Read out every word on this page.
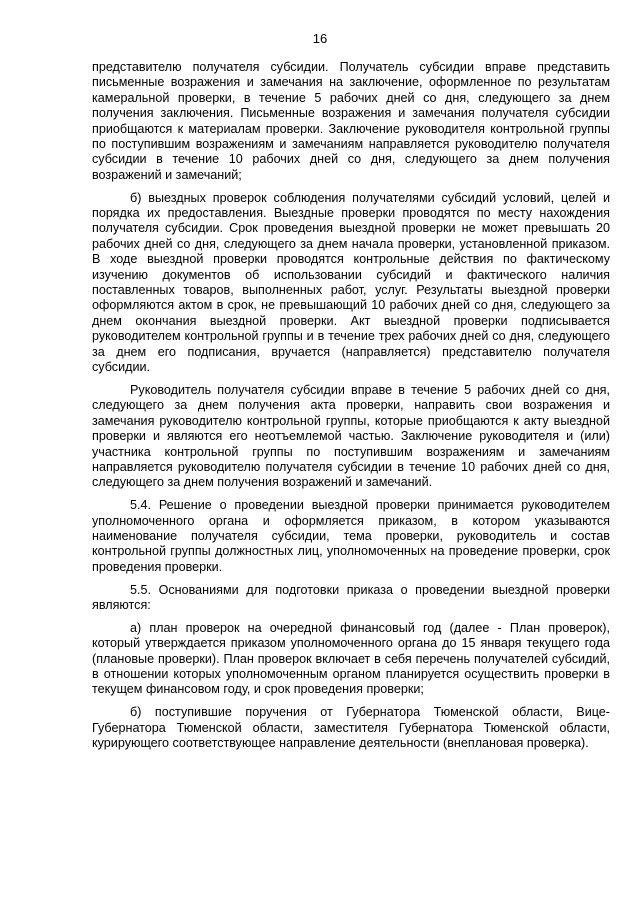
16

представителю получателя субсидии. Получатель субсидии вправе представить письменные возражения и замечания на заключение, оформленное по результатам камеральной проверки, в течение 5 рабочих дней со дня, следующего за днем получения заключения. Письменные возражения и замечания получателя субсидии приобщаются к материалам проверки. Заключение руководителя контрольной группы по поступившим возражениям и замечаниям направляется руководителю получателя субсидии в течение 10 рабочих дней со дня, следующего за днем получения возражений и замечаний;

б) выездных проверок соблюдения получателями субсидий условий, целей и порядка их предоставления. Выездные проверки проводятся по месту нахождения получателя субсидии. Срок проведения выездной проверки не может превышать 20 рабочих дней со дня, следующего за днем начала проверки, установленной приказом. В ходе выездной проверки проводятся контрольные действия по фактическому изучению документов об использовании субсидий и фактического наличия поставленных товаров, выполненных работ, услуг. Результаты выездной проверки оформляются актом в срок, не превышающий 10 рабочих дней со дня, следующего за днем окончания выездной проверки. Акт выездной проверки подписывается руководителем контрольной группы и в течение трех рабочих дней со дня, следующего за днем его подписания, вручается (направляется) представителю получателя субсидии.

Руководитель получателя субсидии вправе в течение 5 рабочих дней со дня, следующего за днем получения акта проверки, направить свои возражения и замечания руководителю контрольной группы, которые приобщаются к акту выездной проверки и являются его неотъемлемой частью. Заключение руководителя и (или) участника контрольной группы по поступившим возражениям и замечаниям направляется руководителю получателя субсидии в течение 10 рабочих дней со дня, следующего за днем получения возражений и замечаний.

5.4. Решение о проведении выездной проверки принимается руководителем уполномоченного органа и оформляется приказом, в котором указываются наименование получателя субсидии, тема проверки, руководитель и состав контрольной группы должностных лиц, уполномоченных на проведение проверки, срок проведения проверки.

5.5. Основаниями для подготовки приказа о проведении выездной проверки являются:

а) план проверок на очередной финансовый год (далее - План проверок), который утверждается приказом уполномоченного органа до 15 января текущего года (плановые проверки). План проверок включает в себя перечень получателей субсидий, в отношении которых уполномоченным органом планируется осуществить проверки в текущем финансовом году, и срок проведения проверки;

б) поступившие поручения от Губернатора Тюменской области, Вице-Губернатора Тюменской области, заместителя Губернатора Тюменской области, курирующего соответствующее направление деятельности (внеплановая проверка).
